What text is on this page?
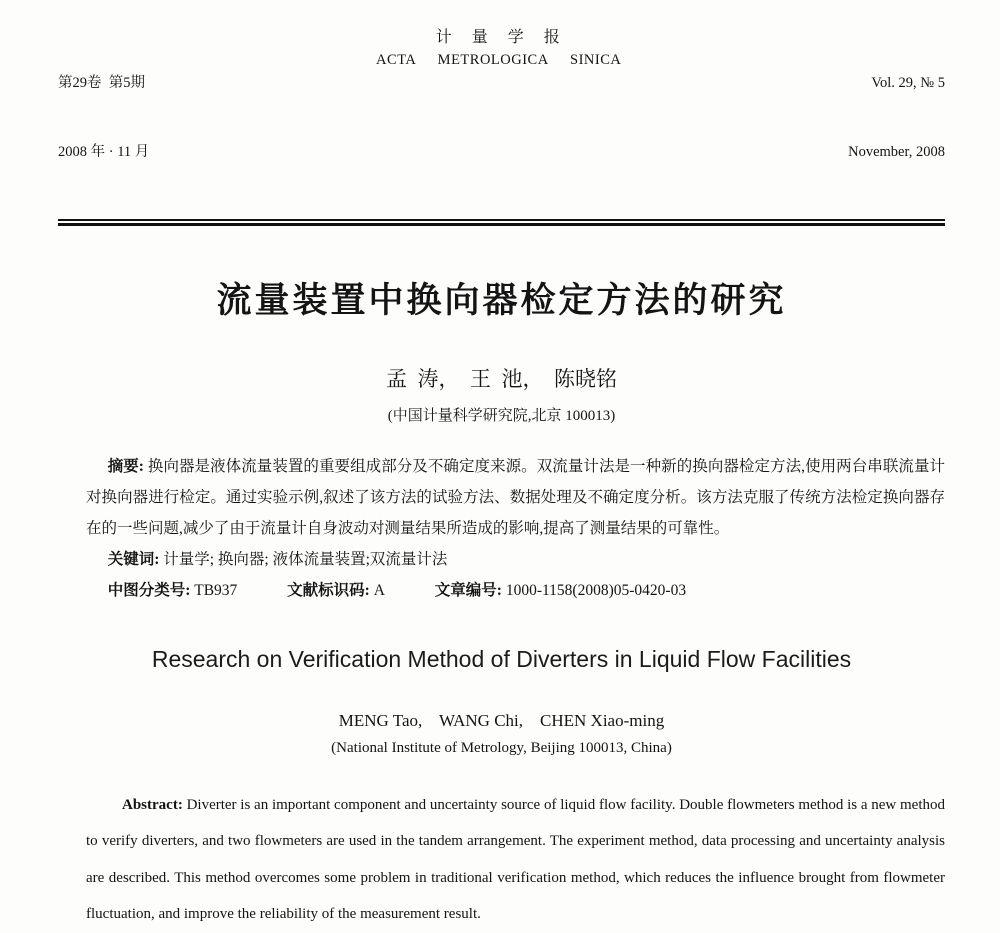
第29卷  第5期

2008 年 · 11 月

计　量　学　报
ACTA METROLOGICA SINICA

Vol. 29, № 5

November, 2008

流量装置中换向器检定方法的研究
孟  涛，  王  池，  陈晓铭
(中国计量科学研究院,北京 100013)

摘要: 换向器是液体流量装置的重要组成部分及不确定度来源。双流量计法是一种新的换向器检定方法,使用两台串联流量计对换向器进行检定。通过实验示例,叙述了该方法的试验方法、数据处理及不确定度分析。该方法克服了传统方法检定换向器存在的一些问题,减少了由于流量计自身波动对测量结果所造成的影响,提高了测量结果的可靠性。

关键词: 计量学; 换向器; 液体流量装置;双流量计法

中图分类号: TB937	文献标识码: A	文章编号: 1000-1158(2008)05-0420-03

Research on Verification Method of Diverters in Liquid Flow Facilities
MENG Tao,    WANG Chi,    CHEN Xiao-ming
(National Institute of Metrology, Beijing 100013, China)

Abstract: Diverter is an important component and uncertainty source of liquid flow facility. Double flowmeters method is a new method to verify diverters, and two flowmeters are used in the tandem arrangement. The experiment method, data processing and uncertainty analysis are described. This method overcomes some problem in traditional verification method, which reduces the influence brought from flowmeter fluctuation, and improve the reliability of the measurement result.
